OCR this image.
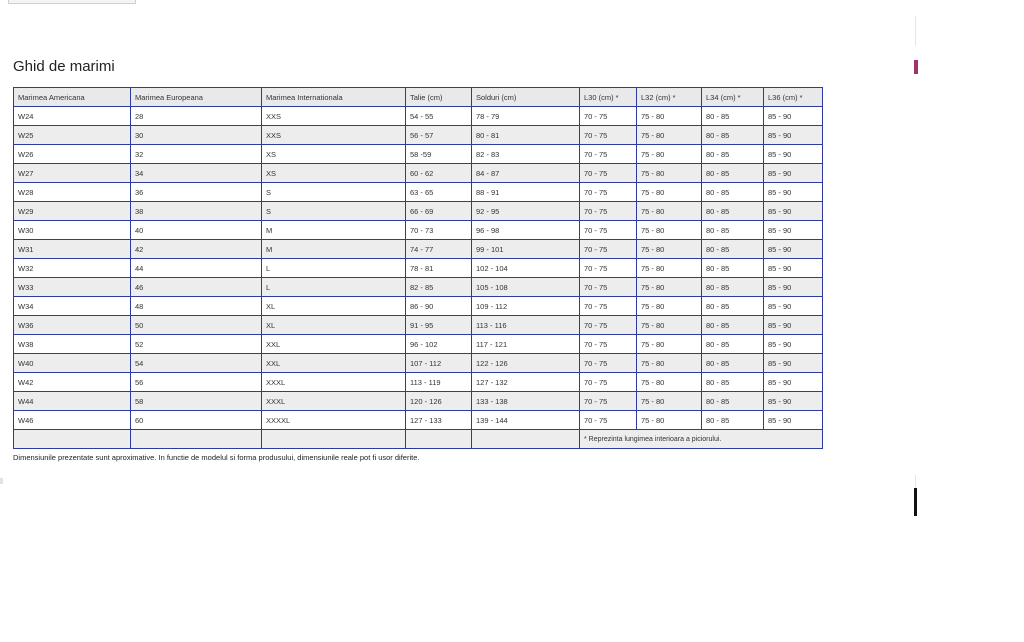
Ghid de marimi
Marimea Americana	Marimea Europeana	Marimea Internationala	Talie (cm)	Solduri (cm)	L30 (cm) *	L32 (cm) *	L34 (cm) *	L36 (cm) *
W24	28	XXS	54 - 55	78 - 79	70 - 75	75 - 80	80 - 85	85 - 90
W25	30	XXS	56 - 57	80 - 81	70 - 75	75 - 80	80 - 85	85 - 90
W26	32	XS	58 -59	82 - 83	70 - 75	75 - 80	80 - 85	85 - 90
W27	34	XS	60 - 62	84 - 87	70 - 75	75 - 80	80 - 85	85 - 90
W28	36	S	63 - 65	88 - 91	70 - 75	75 - 80	80 - 85	85 - 90
W29	38	S	66 - 69	92 - 95	70 - 75	75 - 80	80 - 85	85 - 90
W30	40	M	70 - 73	96 - 98	70 - 75	75 - 80	80 - 85	85 - 90
W31	42	M	74 - 77	99 - 101	70 - 75	75 - 80	80 - 85	85 - 90
W32	44	L	78 - 81	102 - 104	70 - 75	75 - 80	80 - 85	85 - 90
W33	46	L	82 - 85	105 - 108	70 - 75	75 - 80	80 - 85	85 - 90
W34	48	XL	86 - 90	109 - 112	70 - 75	75 - 80	80 - 85	85 - 90
W36	50	XL	91 - 95	113 - 116	70 - 75	75 - 80	80 - 85	85 - 90
W38	52	XXL	96 - 102	117 - 121	70 - 75	75 - 80	80 - 85	85 - 90
W40	54	XXL	107 - 112	122 - 126	70 - 75	75 - 80	80 - 85	85 - 90
W42	56	XXXL	113 - 119	127 - 132	70 - 75	75 - 80	80 - 85	85 - 90
W44	58	XXXL	120 - 126	133 - 138	70 - 75	75 - 80	80 - 85	85 - 90
W46	60	XXXXL	127 - 133	139 - 144	70 - 75	75 - 80	80 - 85	85 - 90
					* Reprezinta lungimea interioara a piciorului.			
Dimensiunile prezentate sunt aproximative. In functie de modelul si forma produsului, dimensiunile reale pot fi usor diferite.
